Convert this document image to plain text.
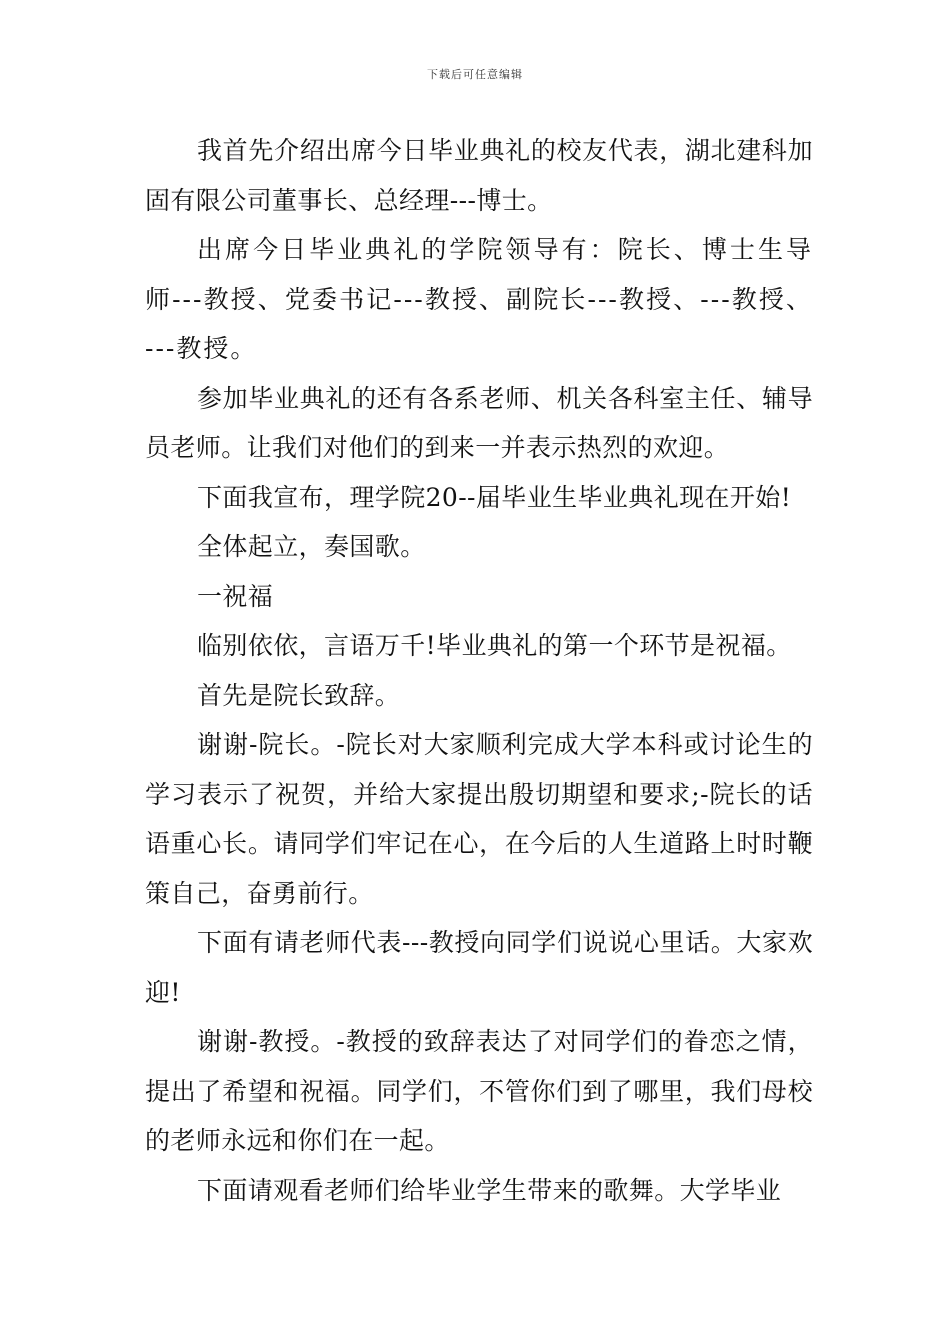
下载后可任意编辑

我首先介绍出席今日毕业典礼的校友代表，湖北建科加固有限公司董事长、总经理---博士。

出席今日毕业典礼的学院领导有：院长、博士生导师---教授、党委书记---教授、副院长---教授、---教授、---教授。

参加毕业典礼的还有各系老师、机关各科室主任、辅导员老师。让我们对他们的到来一并表示热烈的欢迎。

下面我宣布，理学院20--届毕业生毕业典礼现在开始!

全体起立，奏国歌。

一祝福

临别依依，言语万千!毕业典礼的第一个环节是祝福。

首先是院长致辞。

谢谢-院长。-院长对大家顺利完成大学本科或讨论生的学习表示了祝贺，并给大家提出殷切期望和要求;-院长的话语重心长。请同学们牢记在心，在今后的人生道路上时时鞭策自己，奋勇前行。

下面有请老师代表---教授向同学们说说心里话。大家欢迎!

谢谢-教授。-教授的致辞表达了对同学们的眷恋之情，提出了希望和祝福。同学们，不管你们到了哪里，我们母校的老师永远和你们在一起。

下面请观看老师们给毕业学生带来的歌舞。大学毕业
